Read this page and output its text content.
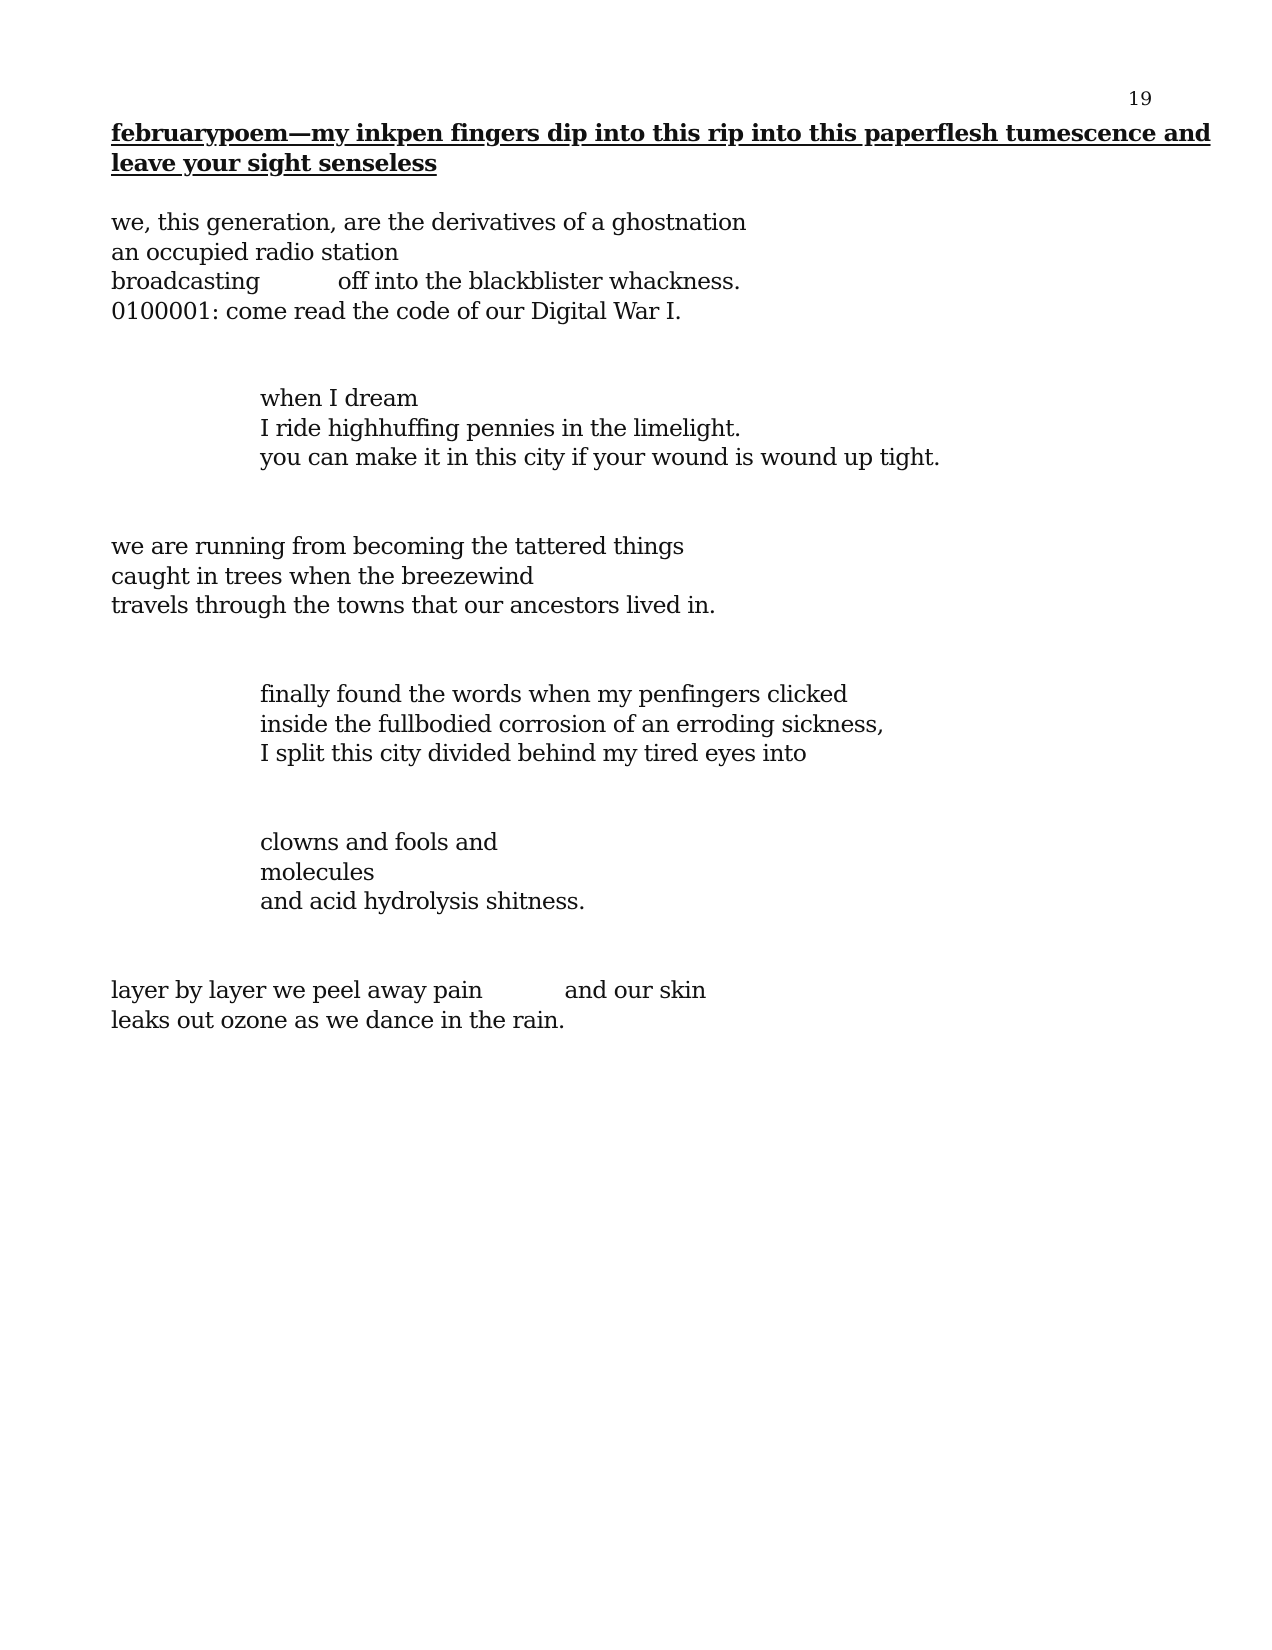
19
februarypoem—my inkpen fingers dip into this rip into this paperflesh tumescence and
leave your sight senseless
we, this generation, are the derivatives of a ghostnation
an occupied radio station
broadcasting	off into the blackblister whackness.
0100001: come read the code of our Digital War I.
when I dream
I ride highhuffing pennies in the limelight.
you can make it in this city if your wound is wound up tight.
we are running from becoming the tattered things
caught in trees when the breezewind
travels through the towns that our ancestors lived in.
finally found the words when my penfingers clicked
inside the fullbodied corrosion of an erroding sickness,
I split this city divided behind my tired eyes into
clowns and fools and
molecules
and acid hydrolysis shitness.
layer by layer we peel away pain	and our skin
leaks out ozone as we dance in the rain.
